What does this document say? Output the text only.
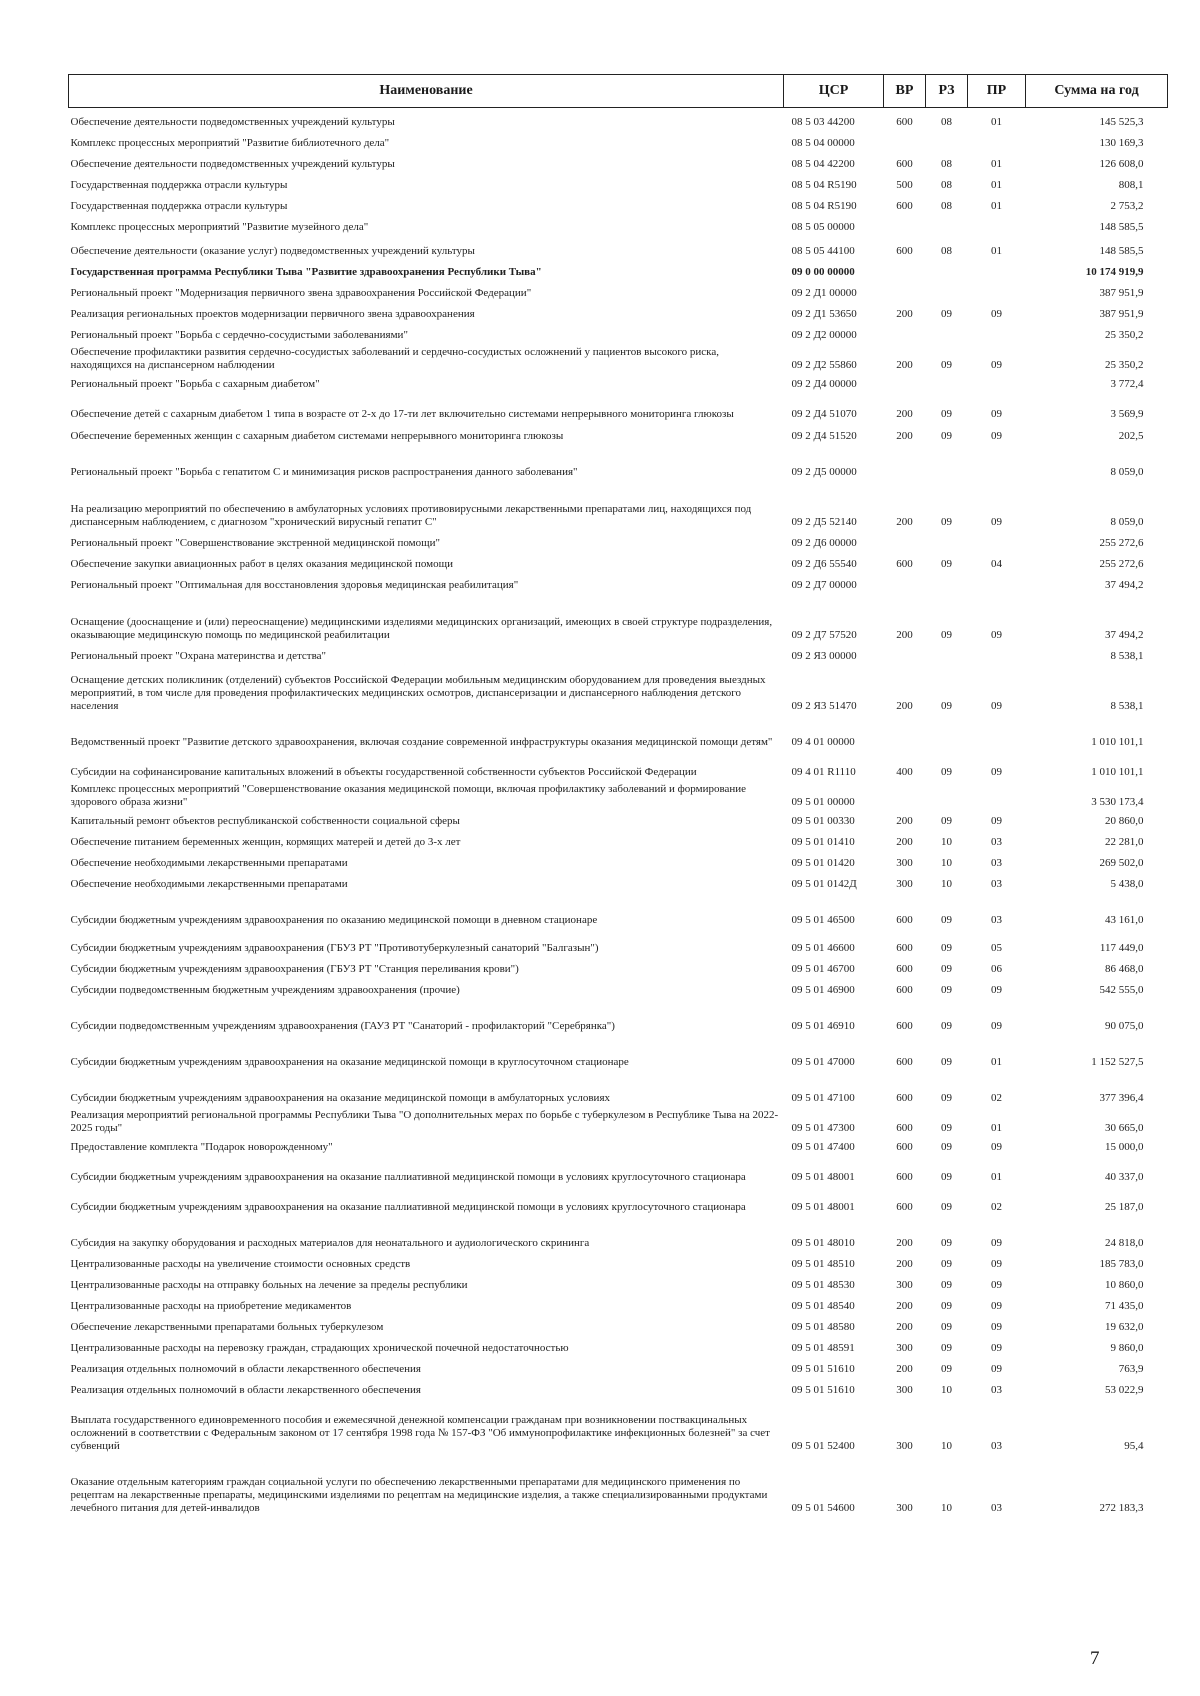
Наименование	ЦСР	ВР	РЗ	ПР	Сумма на год
Обеспечение деятельности подведомственных учреждений культуры	08 5 03 44200	600	08	01	145 525,3
Комплекс процессных мероприятий "Развитие библиотечного дела"	08 5 04 00000				130 169,3
Обеспечение деятельности подведомственных учреждений культуры	08 5 04 42200	600	08	01	126 608,0
Государственная поддержка отрасли культуры	08 5 04 R5190	500	08	01	808,1
Государственная поддержка отрасли культуры	08 5 04 R5190	600	08	01	2 753,2
Комплекс процессных мероприятий "Развитие музейного дела"	08 5 05 00000				148 585,5
Обеспечение деятельности (оказание услуг) подведомственных учреждений культуры	08 5 05 44100	600	08	01	148 585,5
Государственная программа Республики Тыва "Развитие здравоохранения Республики Тыва"	09 0 00 00000				10 174 919,9
Региональный проект "Модернизация первичного звена здравоохранения Российской Федерации"	09 2 Д1 00000				387 951,9
Реализация региональных проектов модернизации первичного звена здравоохранения	09 2 Д1 53650	200	09	09	387 951,9
Региональный проект "Борьба с сердечно-сосудистыми заболеваниями"	09 2 Д2 00000				25 350,2
Обеспечение профилактики развития сердечно-сосудистых заболеваний и сердечно-сосудистых осложнений у пациентов высокого риска, находящихся на диспансерном наблюдении	09 2 Д2 55860	200	09	09	25 350,2
Региональный проект "Борьба с сахарным диабетом"	09 2 Д4 00000				3 772,4
Обеспечение детей с сахарным диабетом 1 типа в возрасте от 2-х до 17-ти лет включительно системами непрерывного мониторинга глюкозы	09 2 Д4 51070	200	09	09	3 569,9
Обеспечение беременных женщин с сахарным диабетом системами непрерывного мониторинга глюкозы	09 2 Д4 51520	200	09	09	202,5
Региональный проект "Борьба с гепатитом С и минимизация рисков распространения данного заболевания"	09 2 Д5 00000				8 059,0
На реализацию мероприятий по обеспечению в амбулаторных условиях противовирусными лекарственными препаратами лиц, находящихся под диспансерным наблюдением, с диагнозом "хронический вирусный гепатит С"	09 2 Д5 52140	200	09	09	8 059,0
Региональный проект "Совершенствование экстренной медицинской помощи"	09 2 Д6 00000				255 272,6
Обеспечение закупки авиационных работ в целях оказания медицинской помощи	09 2 Д6 55540	600	09	04	255 272,6
Региональный проект "Оптимальная для восстановления здоровья медицинская реабилитация"	09 2 Д7 00000				37 494,2
Оснащение (дооснащение и (или) переоснащение) медицинскими изделиями медицинских организаций, имеющих в своей структуре подразделения, оказывающие медицинскую помощь по медицинской реабилитации	09 2 Д7 57520	200	09	09	37 494,2
Региональный проект "Охрана материнства и детства"	09 2 Я3 00000				8 538,1
Оснащение детских поликлиник (отделений) субъектов Российской Федерации мобильным медицинским оборудованием для проведения выездных мероприятий, в том числе для проведения профилактических медицинских осмотров, диспансеризации и диспансерного наблюдения детского населения	09 2 Я3 51470	200	09	09	8 538,1
Ведомственный проект "Развитие детского здравоохранения, включая создание современной инфраструктуры оказания медицинской помощи детям"	09 4 01 00000				1 010 101,1
Субсидии на софинансирование капитальных вложений в объекты государственной собственности субъектов Российской Федерации	09 4 01 R1110	400	09	09	1 010 101,1
Комплекс процессных мероприятий "Совершенствование оказания медицинской помощи, включая профилактику заболеваний и формирование здорового образа жизни"	09 5 01 00000				3 530 173,4
Капитальный ремонт объектов республиканской собственности социальной сферы	09 5 01 00330	200	09	09	20 860,0
Обеспечение питанием беременных женщин, кормящих матерей и детей до 3-х лет	09 5 01 01410	200	10	03	22 281,0
Обеспечение необходимыми лекарственными препаратами	09 5 01 01420	300	10	03	269 502,0
Обеспечение необходимыми лекарственными препаратами	09 5 01 0142Д	300	10	03	5 438,0
Субсидии бюджетным учреждениям здравоохранения по оказанию медицинской помощи в дневном стационаре	09 5 01 46500	600	09	03	43 161,0
Субсидии бюджетным учреждениям здравоохранения (ГБУЗ РТ "Противотуберкулезный санаторий "Балгазын")	09 5 01 46600	600	09	05	117 449,0
Субсидии бюджетным учреждениям здравоохранения (ГБУЗ РТ "Станция переливания крови")	09 5 01 46700	600	09	06	86 468,0
Субсидии подведомственным бюджетным учреждениям здравоохранения (прочие)	09 5 01 46900	600	09	09	542 555,0
Субсидии подведомственным учреждениям здравоохранения (ГАУЗ РТ "Санаторий - профилакторий "Серебрянка")	09 5 01 46910	600	09	09	90 075,0
Субсидии бюджетным учреждениям здравоохранения на оказание медицинской помощи в круглосуточном стационаре	09 5 01 47000	600	09	01	1 152 527,5
Субсидии бюджетным учреждениям здравоохранения на оказание медицинской помощи в амбулаторных условиях	09 5 01 47100	600	09	02	377 396,4
Реализация мероприятий региональной программы Республики Тыва "О дополнительных мерах по борьбе с туберкулезом в Республике Тыва на 2022-2025 годы"	09 5 01 47300	600	09	01	30 665,0
Предоставление комплекта "Подарок новорожденному"	09 5 01 47400	600	09	09	15 000,0
Субсидии бюджетным учреждениям здравоохранения на оказание паллиативной медицинской помощи в условиях круглосуточного стационара	09 5 01 48001	600	09	01	40 337,0
Субсидии бюджетным учреждениям здравоохранения на оказание паллиативной медицинской помощи в условиях круглосуточного стационара	09 5 01 48001	600	09	02	25 187,0
Субсидия на закупку оборудования и расходных материалов для неонатального и аудиологического скрининга	09 5 01 48010	200	09	09	24 818,0
Централизованные расходы на увеличение стоимости основных средств	09 5 01 48510	200	09	09	185 783,0
Централизованные расходы на отправку больных на лечение за пределы республики	09 5 01 48530	300	09	09	10 860,0
Централизованные расходы на приобретение медикаментов	09 5 01 48540	200	09	09	71 435,0
Обеспечение лекарственными препаратами больных туберкулезом	09 5 01 48580	200	09	09	19 632,0
Централизованные расходы на перевозку граждан, страдающих хронической почечной недостаточностью	09 5 01 48591	300	09	09	9 860,0
Реализация отдельных полномочий в области лекарственного обеспечения	09 5 01 51610	200	09	09	763,9
Реализация отдельных полномочий в области лекарственного обеспечения	09 5 01 51610	300	10	03	53 022,9
Выплата государственного единовременного пособия и ежемесячной денежной компенсации гражданам при возникновении поствакцинальных осложнений в соответствии с Федеральным законом от 17 сентября 1998 года № 157-ФЗ "Об иммунопрофилактике инфекционных болезней" за счет субвенций	09 5 01 52400	300	10	03	95,4
Оказание отдельным категориям граждан социальной услуги по обеспечению лекарственными препаратами для медицинского применения по рецептам на лекарственные препараты, медицинскими изделиями по рецептам на медицинские изделия, а также специализированными продуктами лечебного питания для детей-инвалидов	09 5 01 54600	300	10	03	272 183,3
7
